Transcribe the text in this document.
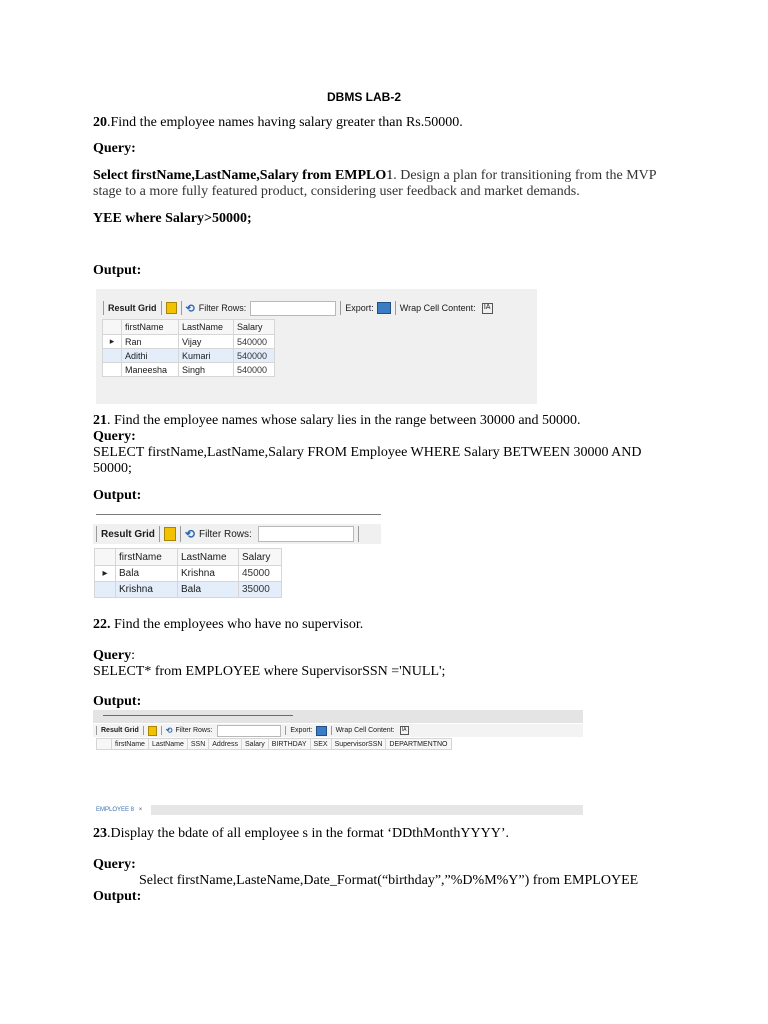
DBMS LAB-2
20.Find the employee names having salary greater than Rs.50000.
Query:
Select firstName,LastName,Salary from EMPLO1. Design a plan for transitioning from the MVP
stage to a more fully featured product, considering user feedback and market demands.
YEE where Salary>50000;
Output:
Result Grid	⟲ Filter Rows:	Export:	Wrap Cell Content:	IA
	firstName	LastName	Salary
▸	Ran	Vijay	540000
	Adithi	Kumari	540000
	Maneesha	Singh	540000
21. Find the employee names whose salary lies in the range between 30000 and 50000.
Query:
SELECT firstName,LastName,Salary FROM Employee WHERE Salary BETWEEN 30000 AND
50000;
Output:
Result Grid	⟲ Filter Rows:
	firstName	LastName	Salary
▸	Bala	Krishna	45000
	Krishna	Bala	35000
22. Find the employees who have no supervisor.
Query:
SELECT* from EMPLOYEE where SupervisorSSN ='NULL';
Output:
Result Grid	⟲ Filter Rows:	Export:	Wrap Cell Content:	IA
	firstName	LastName	SSN	Address	Salary	BIRTHDAY	SEX	SupervisorSSN	DEPARTMENTNO
EMPLOYEE 8 ×
23.Display the bdate of all employee s in the format ‘DDthMonthYYYY’.
Query:
Select firstName,LasteName,Date_Format(“birthday”,”%D%M%Y”) from EMPLOYEE
Output:
